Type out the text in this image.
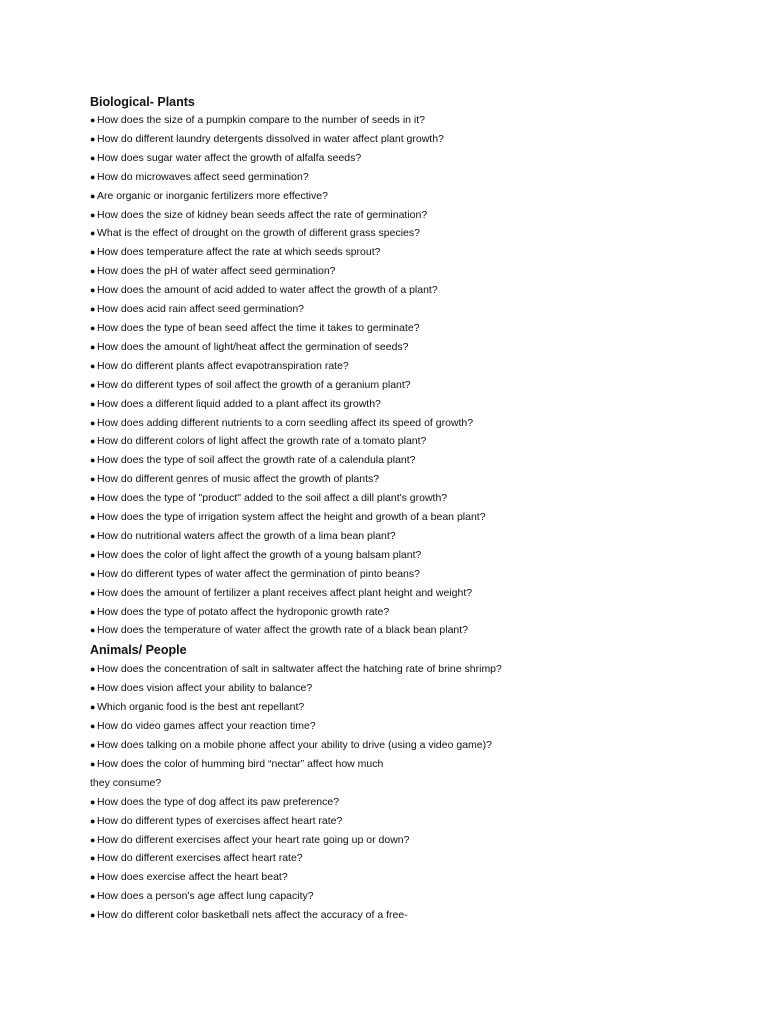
Biological- Plants
● How does the size of a pumpkin compare to the number of seeds in it?
● How do different laundry detergents dissolved in water affect plant growth?
● How does sugar water affect the growth of alfalfa seeds?
● How do microwaves affect seed germination?
● Are organic or inorganic fertilizers more effective?
● How does the size of kidney bean seeds affect the rate of germination?
● What is the effect of drought on the growth of different grass species?
● How does temperature affect the rate at which seeds sprout?
● How does the pH of water affect seed germination?
● How does the amount of acid added to water affect the growth of a plant?
● How does acid rain affect seed germination?
● How does the type of bean seed affect the time it takes to germinate?
● How does the amount of light/heat affect the germination of seeds?
● How do different plants affect evapotranspiration rate?
● How do different types of soil affect the growth of a geranium plant?
● How does a different liquid added to a plant affect its growth?
● How does adding different nutrients to a corn seedling affect its speed of growth?
● How do different colors of light affect the growth rate of a tomato plant?
● How does the type of soil affect the growth rate of a calendula plant?
● How do different genres of music affect the growth of plants?
● How does the type of "product" added to the soil affect a dill plant's growth?
● How does the type of irrigation system affect the height and growth of a bean plant?
● How do nutritional waters affect the growth of a lima bean plant?
● How does the color of light affect the growth of a young balsam plant?
● How do different types of water affect the germination of pinto beans?
● How does the amount of fertilizer a plant receives affect plant height and weight?
● How does the type of potato affect the hydroponic growth rate?
● How does the temperature of water affect the growth rate of a black bean plant?
Animals/ People
● How does the concentration of salt in saltwater affect the hatching rate of brine shrimp?
● How does vision affect your ability to balance?
● Which organic food is the best ant repellant?
● How do video games affect your reaction time?
● How does talking on a mobile phone affect your ability to drive (using a video game)?
● How does the color of humming bird “nectar” affect how much
they consume?
● How does the type of dog affect its paw preference?
● How do different types of exercises affect heart rate?
● How do different exercises affect your heart rate going up or down?
● How do different exercises affect heart rate?
● How does exercise affect the heart beat?
● How does a person's age affect lung capacity?
● How do different color basketball nets affect the accuracy of a free-
